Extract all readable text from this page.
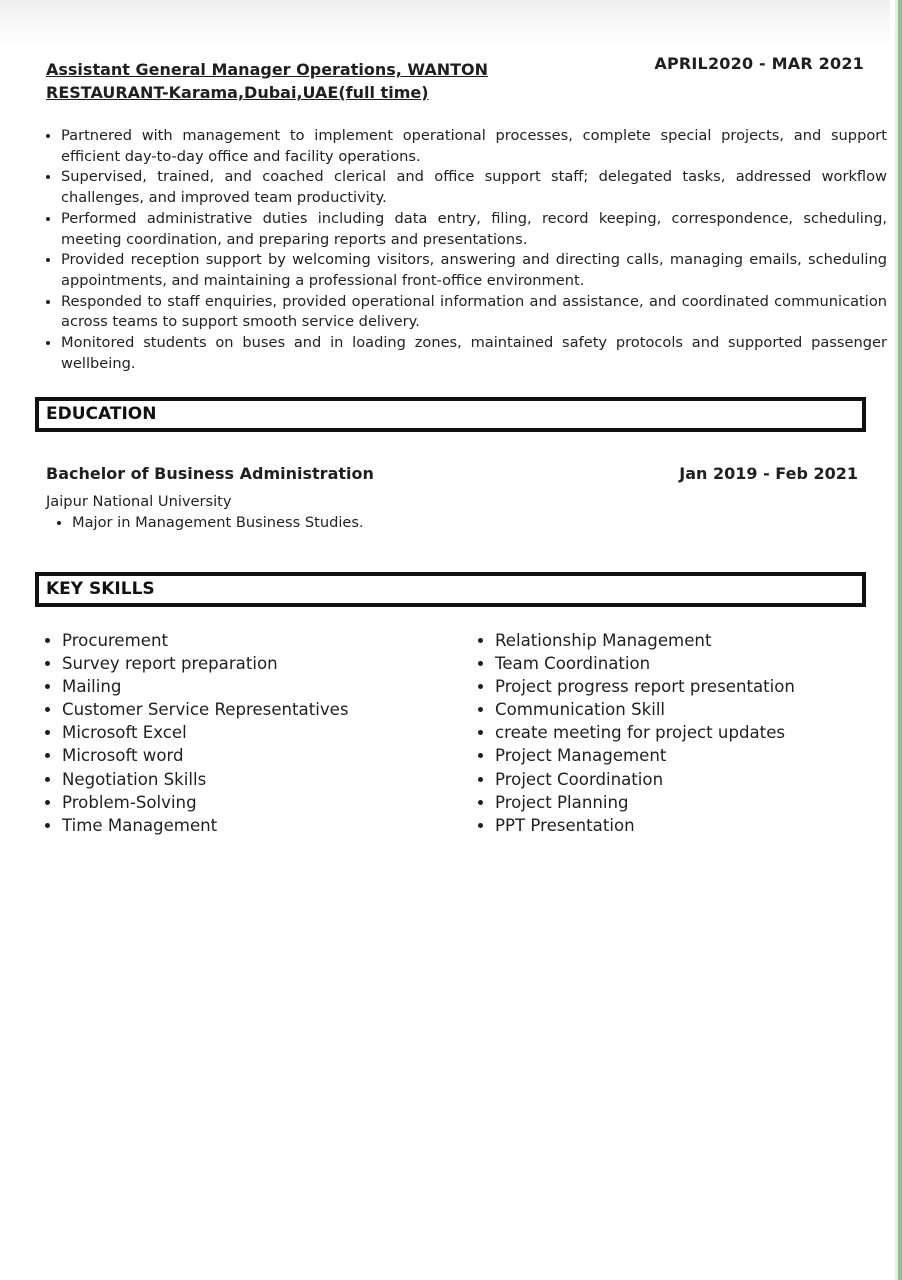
Assistant General Manager Operations, WANTON RESTAURANT-Karama,Dubai,UAE(full time)
APRIL2020 - MAR 2021
• Partnered with management to implement operational processes, complete special projects, and support efficient day-to-day office and facility operations.
• Supervised, trained, and coached clerical and office support staff; delegated tasks, addressed workflow challenges, and improved team productivity.
• Performed administrative duties including data entry, filing, record keeping, correspondence, scheduling, meeting coordination, and preparing reports and presentations.
• Provided reception support by welcoming visitors, answering and directing calls, managing emails, scheduling appointments, and maintaining a professional front-office environment.
• Responded to staff enquiries, provided operational information and assistance, and coordinated communication across teams to support smooth service delivery.
• Monitored students on buses and in loading zones, maintained safety protocols and supported passenger wellbeing.
EDUCATION
Bachelor of Business Administration	Jan 2019 - Feb 2021
Jaipur National University
• Major in Management Business Studies.
KEY SKILLS
• Procurement
• Survey report preparation
• Mailing
• Customer Service Representatives
• Microsoft Excel
• Microsoft word
• Negotiation Skills
• Problem-Solving
• Time Management
• Relationship Management
• Team Coordination
• Project progress report presentation
• Communication Skill
• create meeting for project updates
• Project Management
• Project Coordination
• Project Planning
• PPT Presentation
